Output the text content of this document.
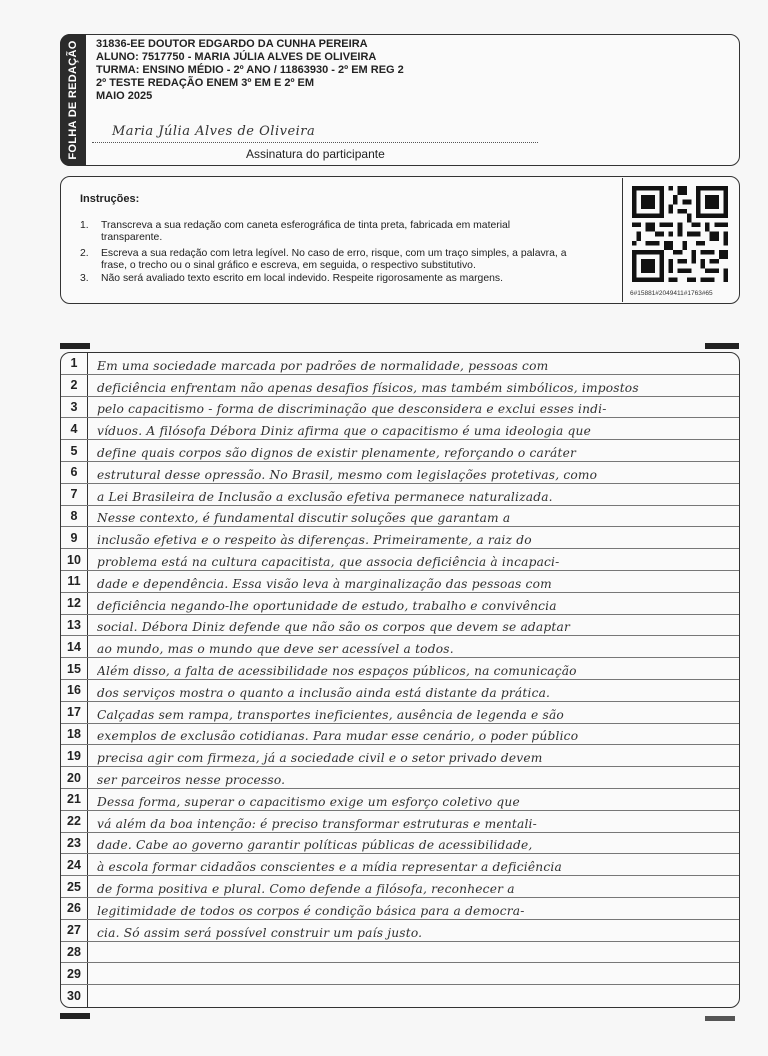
FOLHA DE REDAÇÃO 31836-EE DOUTOR EDGARDO DA CUNHA PEREIRA
ALUNO: 7517750 - MARIA JÚLIA ALVES DE OLIVEIRA
TURMA: ENSINO MÉDIO - 2º ANO / 11863930 - 2º EM REG 2
2º TESTE REDAÇÃO ENEM 3º EM E 2º EM
MAIO 2025
Maria Júlia Alves de Oliveira
Assinatura do participante
Instruções:
1.	Transcreva a sua redação com caneta esferográfica de tinta preta, fabricada em material transparente.
2.	Escreva a sua redação com letra legível. No caso de erro, risque, com um traço simples, a palavra, a frase, o trecho ou o sinal gráfico e escreva, em seguida, o respectivo substitutivo.
3.	Não será avaliado texto escrito em local indevido. Respeite rigorosamente as margens.
6#15881#2049411#1763#65
1	Em uma sociedade marcada por padrões de normalidade, pessoas com
2	deficiência enfrentam não apenas desafios físicos, mas também simbólicos, impostos
3	pelo capacitismo - forma de discriminação que desconsidera e exclui esses indi-
4	víduos. A filósofa Débora Diniz afirma que o capacitismo é uma ideologia que
5	define quais corpos são dignos de existir plenamente, reforçando o caráter
6	estrutural desse opressão. No Brasil, mesmo com legislações protetivas, como
7	a Lei Brasileira de Inclusão a exclusão efetiva permanece naturalizada.
8	Nesse contexto, é fundamental discutir soluções que garantam a
9	inclusão efetiva e o respeito às diferenças. Primeiramente, a raiz do
10	problema está na cultura capacitista, que associa deficiência à incapaci-
11	dade e dependência. Essa visão leva à marginalização das pessoas com
12	deficiência negando-lhe oportunidade de estudo, trabalho e convivência
13	social. Débora Diniz defende que não são os corpos que devem se adaptar
14	ao mundo, mas o mundo que deve ser acessível a todos.
15	Além disso, a falta de acessibilidade nos espaços públicos, na comunicação
16	dos serviços mostra o quanto a inclusão ainda está distante da prática.
17	Calçadas sem rampa, transportes ineficientes, ausência de legenda e são
18	exemplos de exclusão cotidianas. Para mudar esse cenário, o poder público
19	precisa agir com firmeza, já a sociedade civil e o setor privado devem
20	ser parceiros nesse processo.
21	Dessa forma, superar o capacitismo exige um esforço coletivo que
22	vá além da boa intenção: é preciso transformar estruturas e mentali-
23	dade. Cabe ao governo garantir políticas públicas de acessibilidade,
24	à escola formar cidadãos conscientes e a mídia representar a deficiência
25	de forma positiva e plural. Como defende a filósofa, reconhecer a
26	legitimidade de todos os corpos é condição básica para a democra-
27	cia. Só assim será possível construir um país justo.
28
29
30
